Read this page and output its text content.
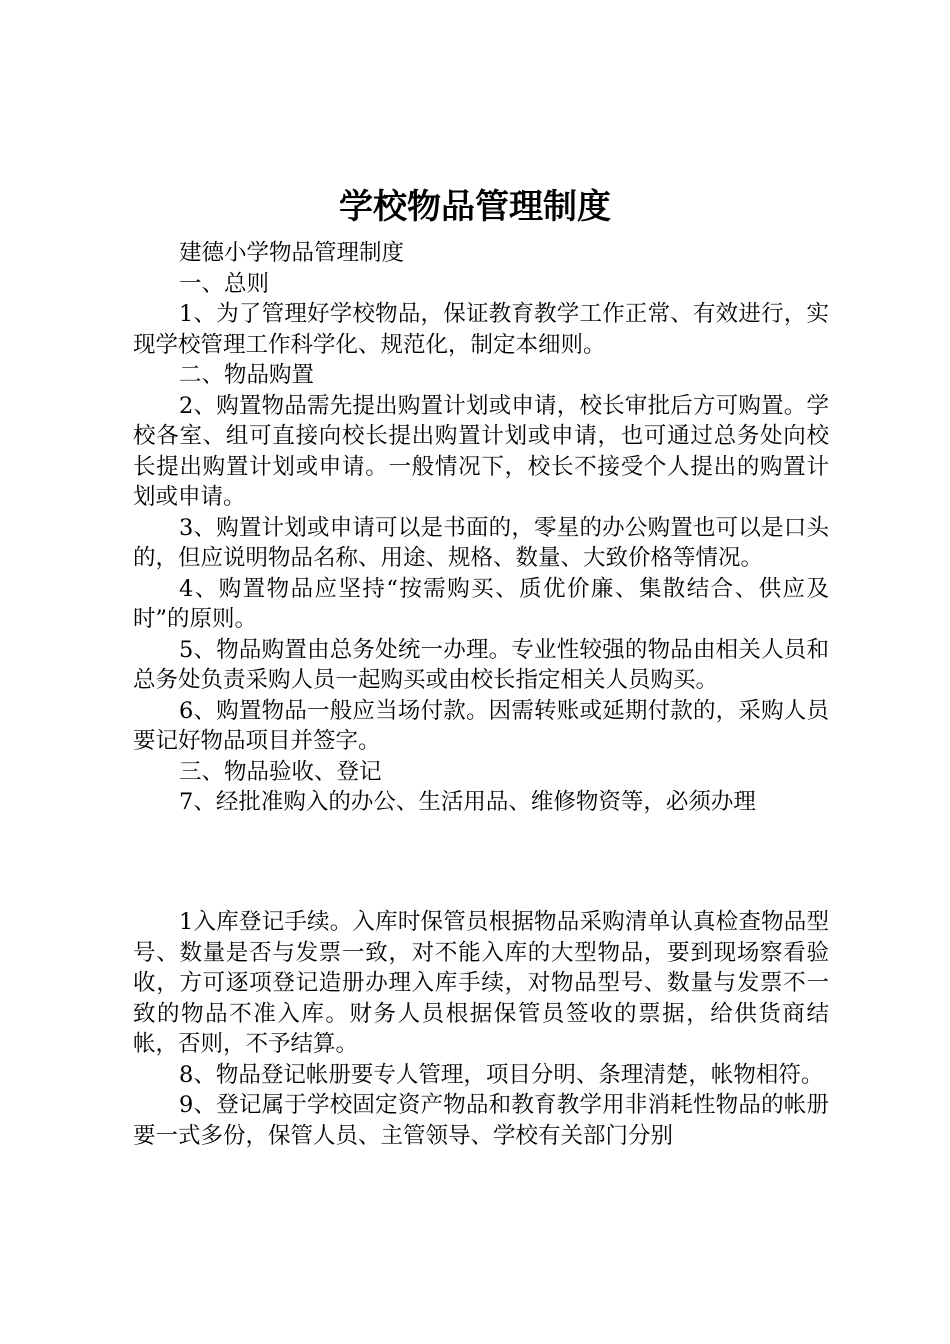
学校物品管理制度

建德小学物品管理制度

一、总则

1、为了管理好学校物品，保证教育教学工作正常、有效进行，实现学校管理工作科学化、规范化，制定本细则。

二、物品购置

2、购置物品需先提出购置计划或申请，校长审批后方可购置。学校各室、组可直接向校长提出购置计划或申请，也可通过总务处向校长提出购置计划或申请。一般情况下，校长不接受个人提出的购置计划或申请。

3、购置计划或申请可以是书面的，零星的办公购置也可以是口头的，但应说明物品名称、用途、规格、数量、大致价格等情况。

4、购置物品应坚持“按需购买、质优价廉、集散结合、供应及时”的原则。

5、物品购置由总务处统一办理。专业性较强的物品由相关人员和总务处负责采购人员一起购买或由校长指定相关人员购买。

6、购置物品一般应当场付款。因需转账或延期付款的，采购人员要记好物品项目并签字。

三、物品验收、登记

7、经批准购入的办公、生活用品、维修物资等，必须办理

1入库登记手续。入库时保管员根据物品采购清单认真检查物品型号、数量是否与发票一致，对不能入库的大型物品，要到现场察看验收，方可逐项登记造册办理入库手续，对物品型号、数量与发票不一致的物品不准入库。财务人员根据保管员签收的票据，给供货商结帐，否则，不予结算。

8、物品登记帐册要专人管理，项目分明、条理清楚，帐物相符。

9、登记属于学校固定资产物品和教育教学用非消耗性物品的帐册要一式多份，保管人员、主管领导、学校有关部门分别
